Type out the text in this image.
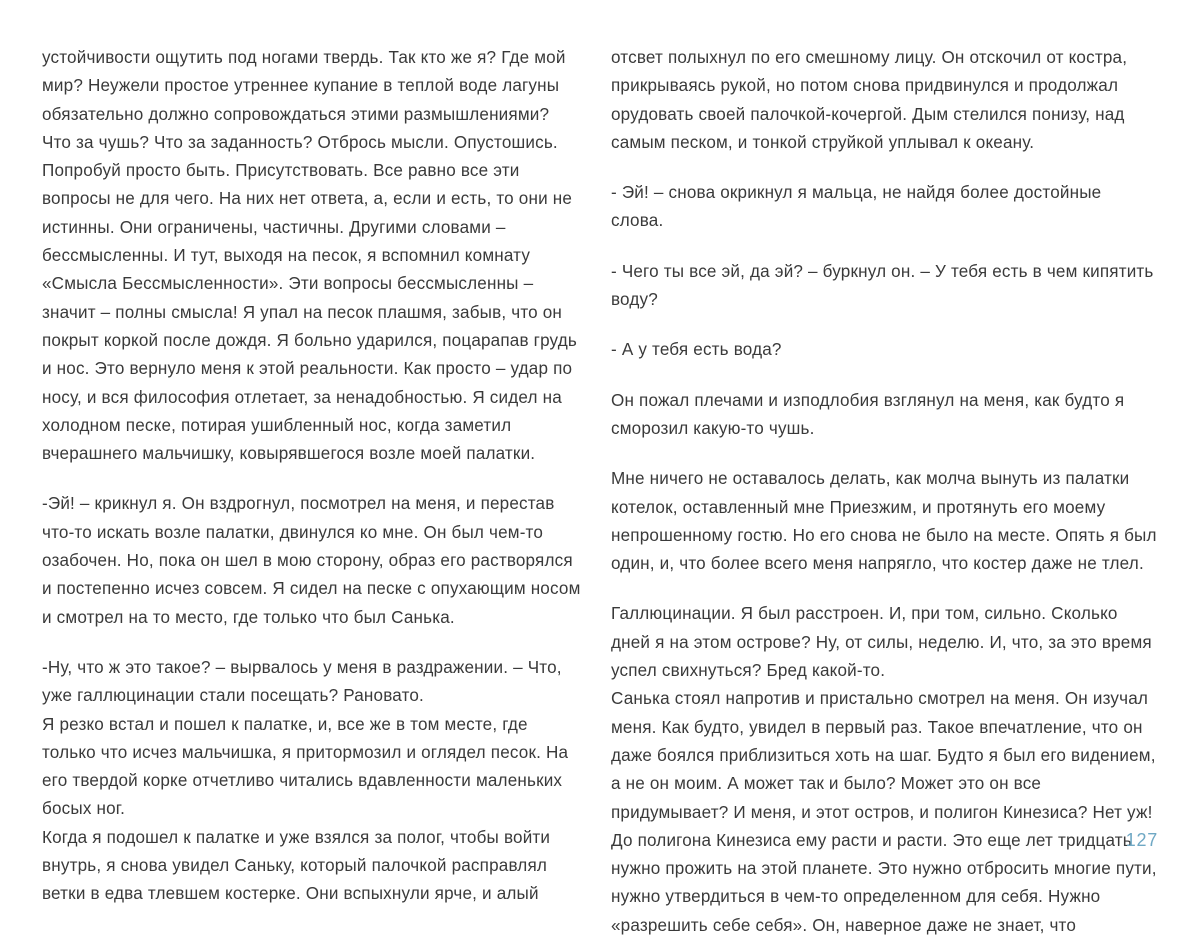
устойчивости ощутить под ногами твердь. Так кто же я? Где мой мир? Неужели простое утреннее купание в теплой воде лагуны обязательно должно сопровождаться этими размышлениями? Что за чушь? Что за заданность? Отбрось мысли. Опустошись. Попробуй просто быть. Присутствовать. Все равно все эти вопросы не для чего. На них нет ответа, а, если и есть, то они не истинны. Они ограничены, частичны. Другими словами – бессмысленны. И тут, выходя на песок, я вспомнил комнату «Смысла Бессмысленности». Эти вопросы бессмысленны – значит – полны смысла! Я упал на песок плашмя, забыв, что он покрыт коркой после дождя. Я больно ударился, поцарапав грудь и нос. Это вернуло меня к этой реальности. Как просто – удар по носу, и вся философия отлетает, за ненадобностью. Я сидел на холодном песке, потирая ушибленный нос, когда заметил вчерашнего мальчишку, ковырявшегося возле моей палатки.

-Эй! – крикнул я. Он вздрогнул, посмотрел на меня, и перестав что-то искать возле палатки, двинулся ко мне. Он был чем-то озабочен. Но, пока он шел в мою сторону, образ его растворялся и постепенно исчез совсем. Я сидел на песке с опухающим носом и смотрел на то место, где только что был Санька.

-Ну, что ж это такое? – вырвалось у меня в раздражении. – Что, уже галлюцинации стали посещать? Рановато.

Я резко встал и пошел к палатке, и, все же в том месте, где только что исчез мальчишка, я притормозил и оглядел песок. На его твердой корке отчетливо читались вдавленности маленьких босых ног.

Когда я подошел к палатке и уже взялся за полог, чтобы войти внутрь, я снова увидел Саньку, который палочкой расправлял ветки в едва тлевшем костерке. Они вспыхнули ярче, и алый

отсвет полыхнул по его смешному лицу. Он отскочил от костра, прикрываясь рукой, но потом снова придвинулся и продолжал орудовать своей палочкой-кочергой. Дым стелился понизу, над самым песком, и тонкой струйкой уплывал к океану.

- Эй! – снова окрикнул я мальца, не найдя более достойные слова.

- Чего ты все эй, да эй? – буркнул он. – У тебя есть в чем кипятить воду?

- А у тебя есть вода?

Он пожал плечами и изподлобия взглянул на меня, как будто я сморозил какую-то чушь.

Мне ничего не оставалось делать, как молча вынуть из палатки котелок, оставленный мне Приезжим, и протянуть его моему непрошенному гостю. Но его снова не было на месте. Опять я был один, и, что более всего меня напрягло, что костер даже не тлел.

Галлюцинации. Я был расстроен. И, при том, сильно. Сколько дней я на этом острове? Ну, от силы, неделю. И, что, за это время успел свихнуться? Бред какой-то.

Санька стоял напротив и пристально смотрел на меня. Он изучал меня. Как будто, увидел в первый раз. Такое впечатление, что он даже боялся приблизиться хоть на шаг. Будто я был его видением, а не он моим. А может так и было? Может это он все придумывает? И меня, и этот остров, и полигон Кинезиса? Нет уж! До полигона Кинезиса ему расти и расти. Это еще лет тридцать нужно прожить на этой планете. Это нужно отбросить многие пути, нужно утвердиться в чем-то определенном для себя. Нужно «разрешить себе себя». Он, наверное даже не знает, что

127
